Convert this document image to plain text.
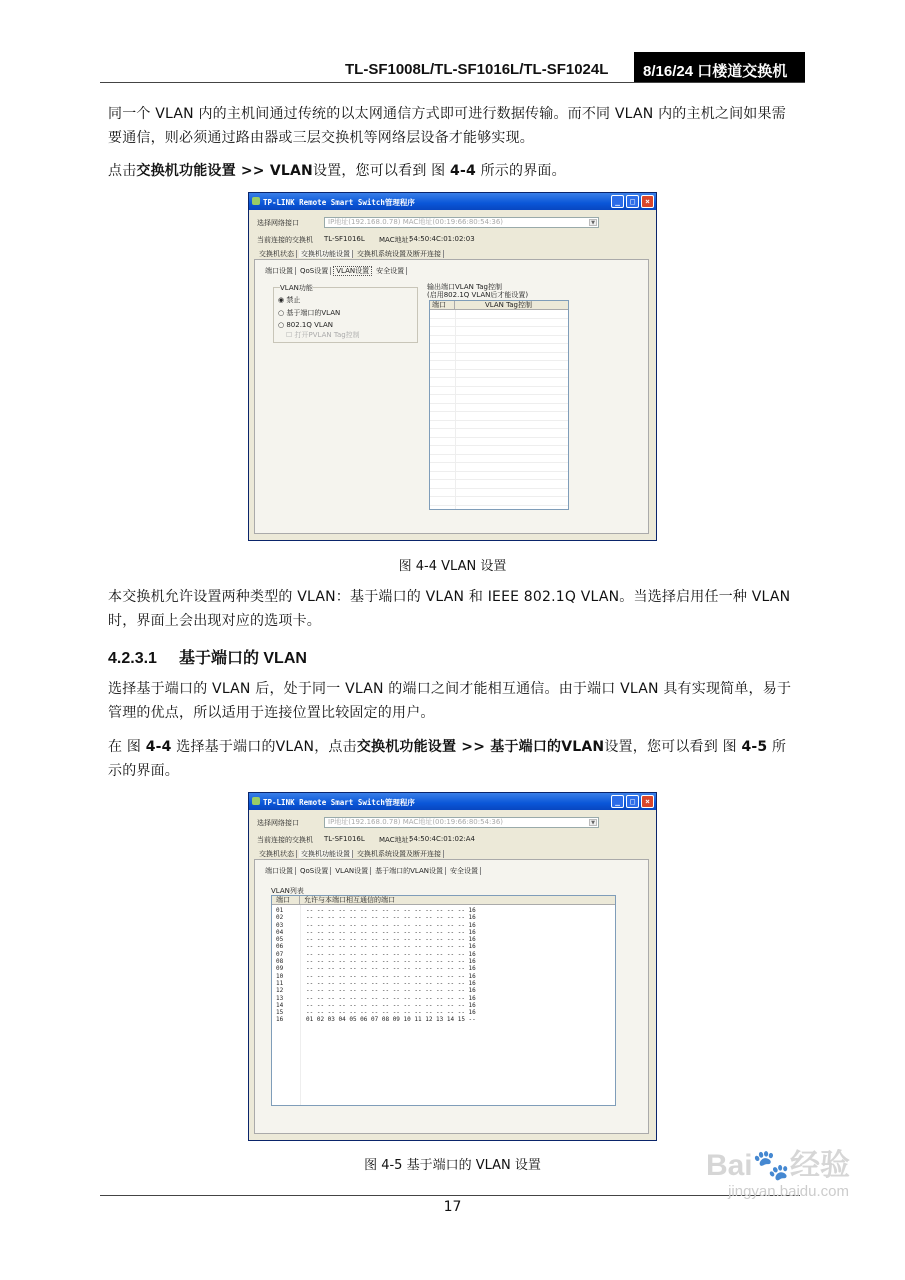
TL-SF1008L/TL-SF1016L/TL-SF1024L	8/16/24 口楼道交换机
同一个 VLAN 内的主机间通过传统的以太网通信方式即可进行数据传输。而不同 VLAN 内的主机之间如果需要通信，则必须通过路由器或三层交换机等网络层设备才能够实现。
点击交换机功能设置 >> VLAN设置，您可以看到 图 4-4 所示的界面。
TP-LINK Remote Smart Switch管理程序	_	□	×
选择网络接口	IP地址(192.168.0.78) MAC地址(00:19:66:80:54:36)	▼
当前连接的交换机 TL-SF1016L MAC地址：
54:50:4C:01:02:03
交换机状态 交换机功能设置 交换机系统设置及断开连接
端口设置 QoS设置 VLAN设置 安全设置
VLAN功能
◉ 禁止
○ 基于端口的VLAN
○ 802.1Q VLAN
☐ 打开PVLAN Tag控制
输出端口VLAN Tag控制
(启用802.1Q VLAN后才能设置)
端口	VLAN Tag控制
图 4-4 VLAN 设置
本交换机允许设置两种类型的 VLAN：基于端口的 VLAN 和 IEEE 802.1Q VLAN。当选择启用任一种 VLAN 时，界面上会出现对应的选项卡。
4.2.3.1 基于端口的 VLAN
选择基于端口的 VLAN 后，处于同一 VLAN 的端口之间才能相互通信。由于端口 VLAN 具有实现简单，易于管理的优点，所以适用于连接位置比较固定的用户。
在 图 4-4 选择基于端口的VLAN，点击交换机功能设置 >> 基于端口的VLAN设置，您可以看到 图 4-5 所示的界面。
TP-LINK Remote Smart Switch管理程序	_	□	×
选择网络接口	IP地址(192.168.0.78) MAC地址(00:19:66:80:54:36)	▼
当前连接的交换机 TL-SF1016L MAC地址：
54:50:4C:01:02:A4
交换机状态 交换机功能设置 交换机系统设置及断开连接
端口设置 QoS设置 VLAN设置 基于端口的VLAN设置 安全设置
VLAN列表
端口 允许与本端口相互通信的端口
01	-- -- -- -- -- -- -- -- -- -- -- -- -- -- -- 16
02	-- -- -- -- -- -- -- -- -- -- -- -- -- -- -- 16
03	-- -- -- -- -- -- -- -- -- -- -- -- -- -- -- 16
04	-- -- -- -- -- -- -- -- -- -- -- -- -- -- -- 16
05	-- -- -- -- -- -- -- -- -- -- -- -- -- -- -- 16
06	-- -- -- -- -- -- -- -- -- -- -- -- -- -- -- 16
07	-- -- -- -- -- -- -- -- -- -- -- -- -- -- -- 16
08	-- -- -- -- -- -- -- -- -- -- -- -- -- -- -- 16
09	-- -- -- -- -- -- -- -- -- -- -- -- -- -- -- 16
10	-- -- -- -- -- -- -- -- -- -- -- -- -- -- -- 16
11	-- -- -- -- -- -- -- -- -- -- -- -- -- -- -- 16
12	-- -- -- -- -- -- -- -- -- -- -- -- -- -- -- 16
13	-- -- -- -- -- -- -- -- -- -- -- -- -- -- -- 16
14	-- -- -- -- -- -- -- -- -- -- -- -- -- -- -- 16
15	-- -- -- -- -- -- -- -- -- -- -- -- -- -- -- 16
16	01 02 03 04 05 06 07 08 09 10 11 12 13 14 15 --
图 4-5 基于端口的 VLAN 设置
17
Bai🐾经验
jingyan.baidu.com
